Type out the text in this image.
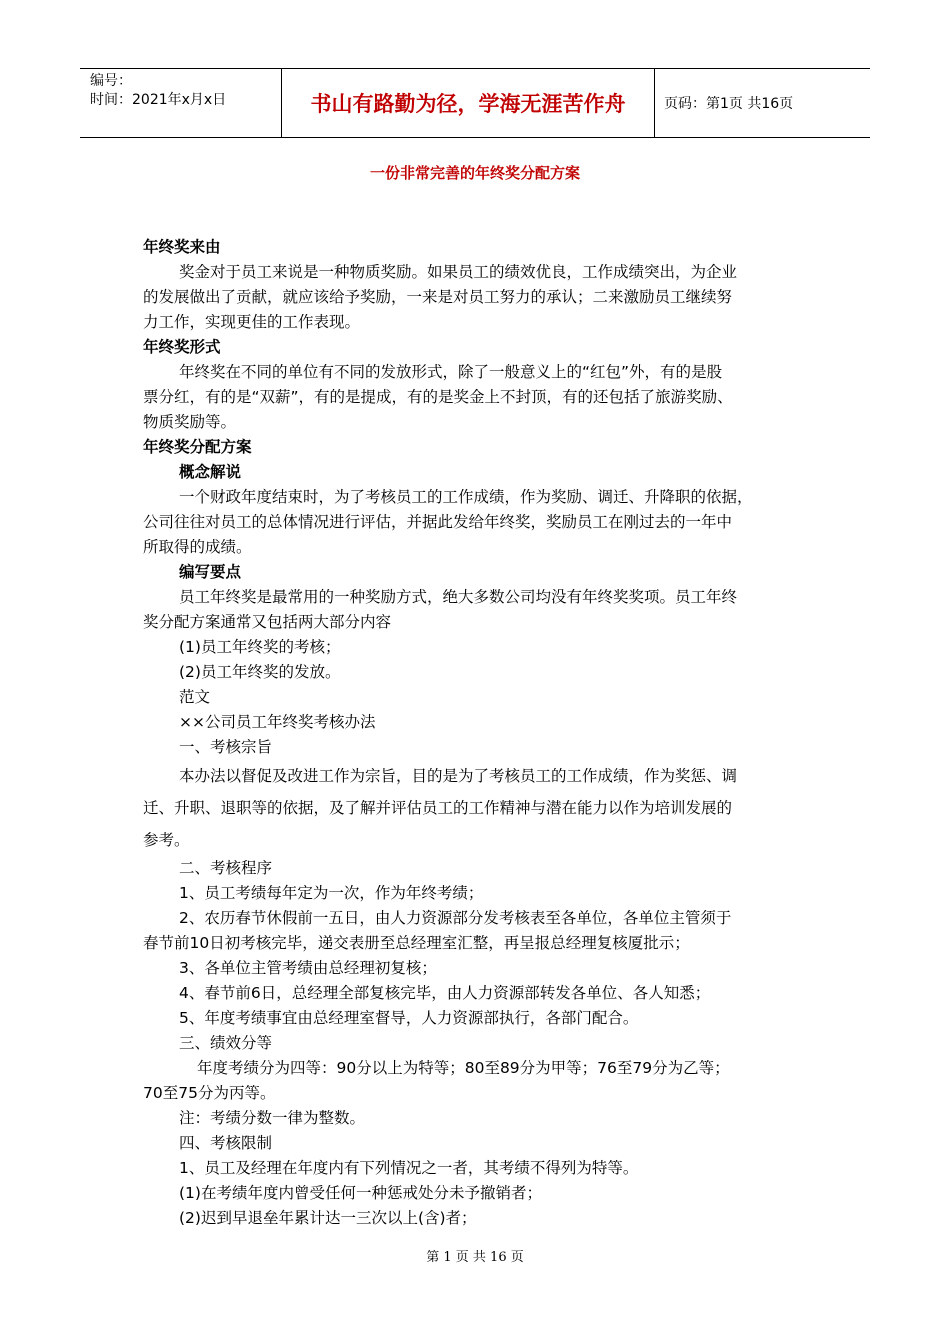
编号：
时间：2021年x月x日	书山有路勤为径，学海无涯苦作舟	页码：第1页 共16页
一份非常完善的年终奖分配方案

年终奖来由

奖金对于员工来说是一种物质奖励。如果员工的绩效优良，工作成绩突出，为企业

的发展做出了贡献，就应该给予奖励，一来是对员工努力的承认；二来激励员工继续努

力工作，实现更佳的工作表现。

年终奖形式

年终奖在不同的单位有不同的发放形式，除了一般意义上的“红包”外，有的是股

票分红，有的是“双薪”，有的是提成，有的是奖金上不封顶，有的还包括了旅游奖励、

物质奖励等。

年终奖分配方案

概念解说

一个财政年度结束时，为了考核员工的工作成绩，作为奖励、调迁、升降职的依据，

公司往往对员工的总体情况进行评估，并据此发给年终奖，奖励员工在刚过去的一年中

所取得的成绩。

编写要点

员工年终奖是最常用的一种奖励方式，绝大多数公司均没有年终奖奖项。员工年终

奖分配方案通常又包括两大部分内容

(1)员工年终奖的考核；

(2)员工年终奖的发放。

范文

××公司员工年终奖考核办法

一、考核宗旨

本办法以督促及改进工作为宗旨，目的是为了考核员工的工作成绩，作为奖惩、调

迁、升职、退职等的依据，及了解并评估员工的工作精神与潜在能力以作为培训发展的

参考。

二、考核程序

1、员工考绩每年定为一次，作为年终考绩；

2、农历春节休假前一五日，由人力资源部分发考核表至各单位，各单位主管须于

春节前10日初考核完毕，递交表册至总经理室汇整，再呈报总经理复核厦批示；

3、各单位主管考绩由总经理初复核；

4、春节前6日，总经理全部复核完毕，由人力资源部转发各单位、各人知悉；

5、年度考绩事宜由总经理室督导，人力资源部执行，各部门配合。

三、绩效分等

年度考绩分为四等：90分以上为特等；80至89分为甲等；76至79分为乙等；

70至75分为丙等。

注：考绩分数一律为整数。

四、考核限制

1、员工及经理在年度内有下列情况之一者，其考绩不得列为特等。

(1)在考绩年度内曾受任何一种惩戒处分未予撤销者；

(2)迟到早退垒年累计达一三次以上(含)者；

第 1 页 共 16 页
